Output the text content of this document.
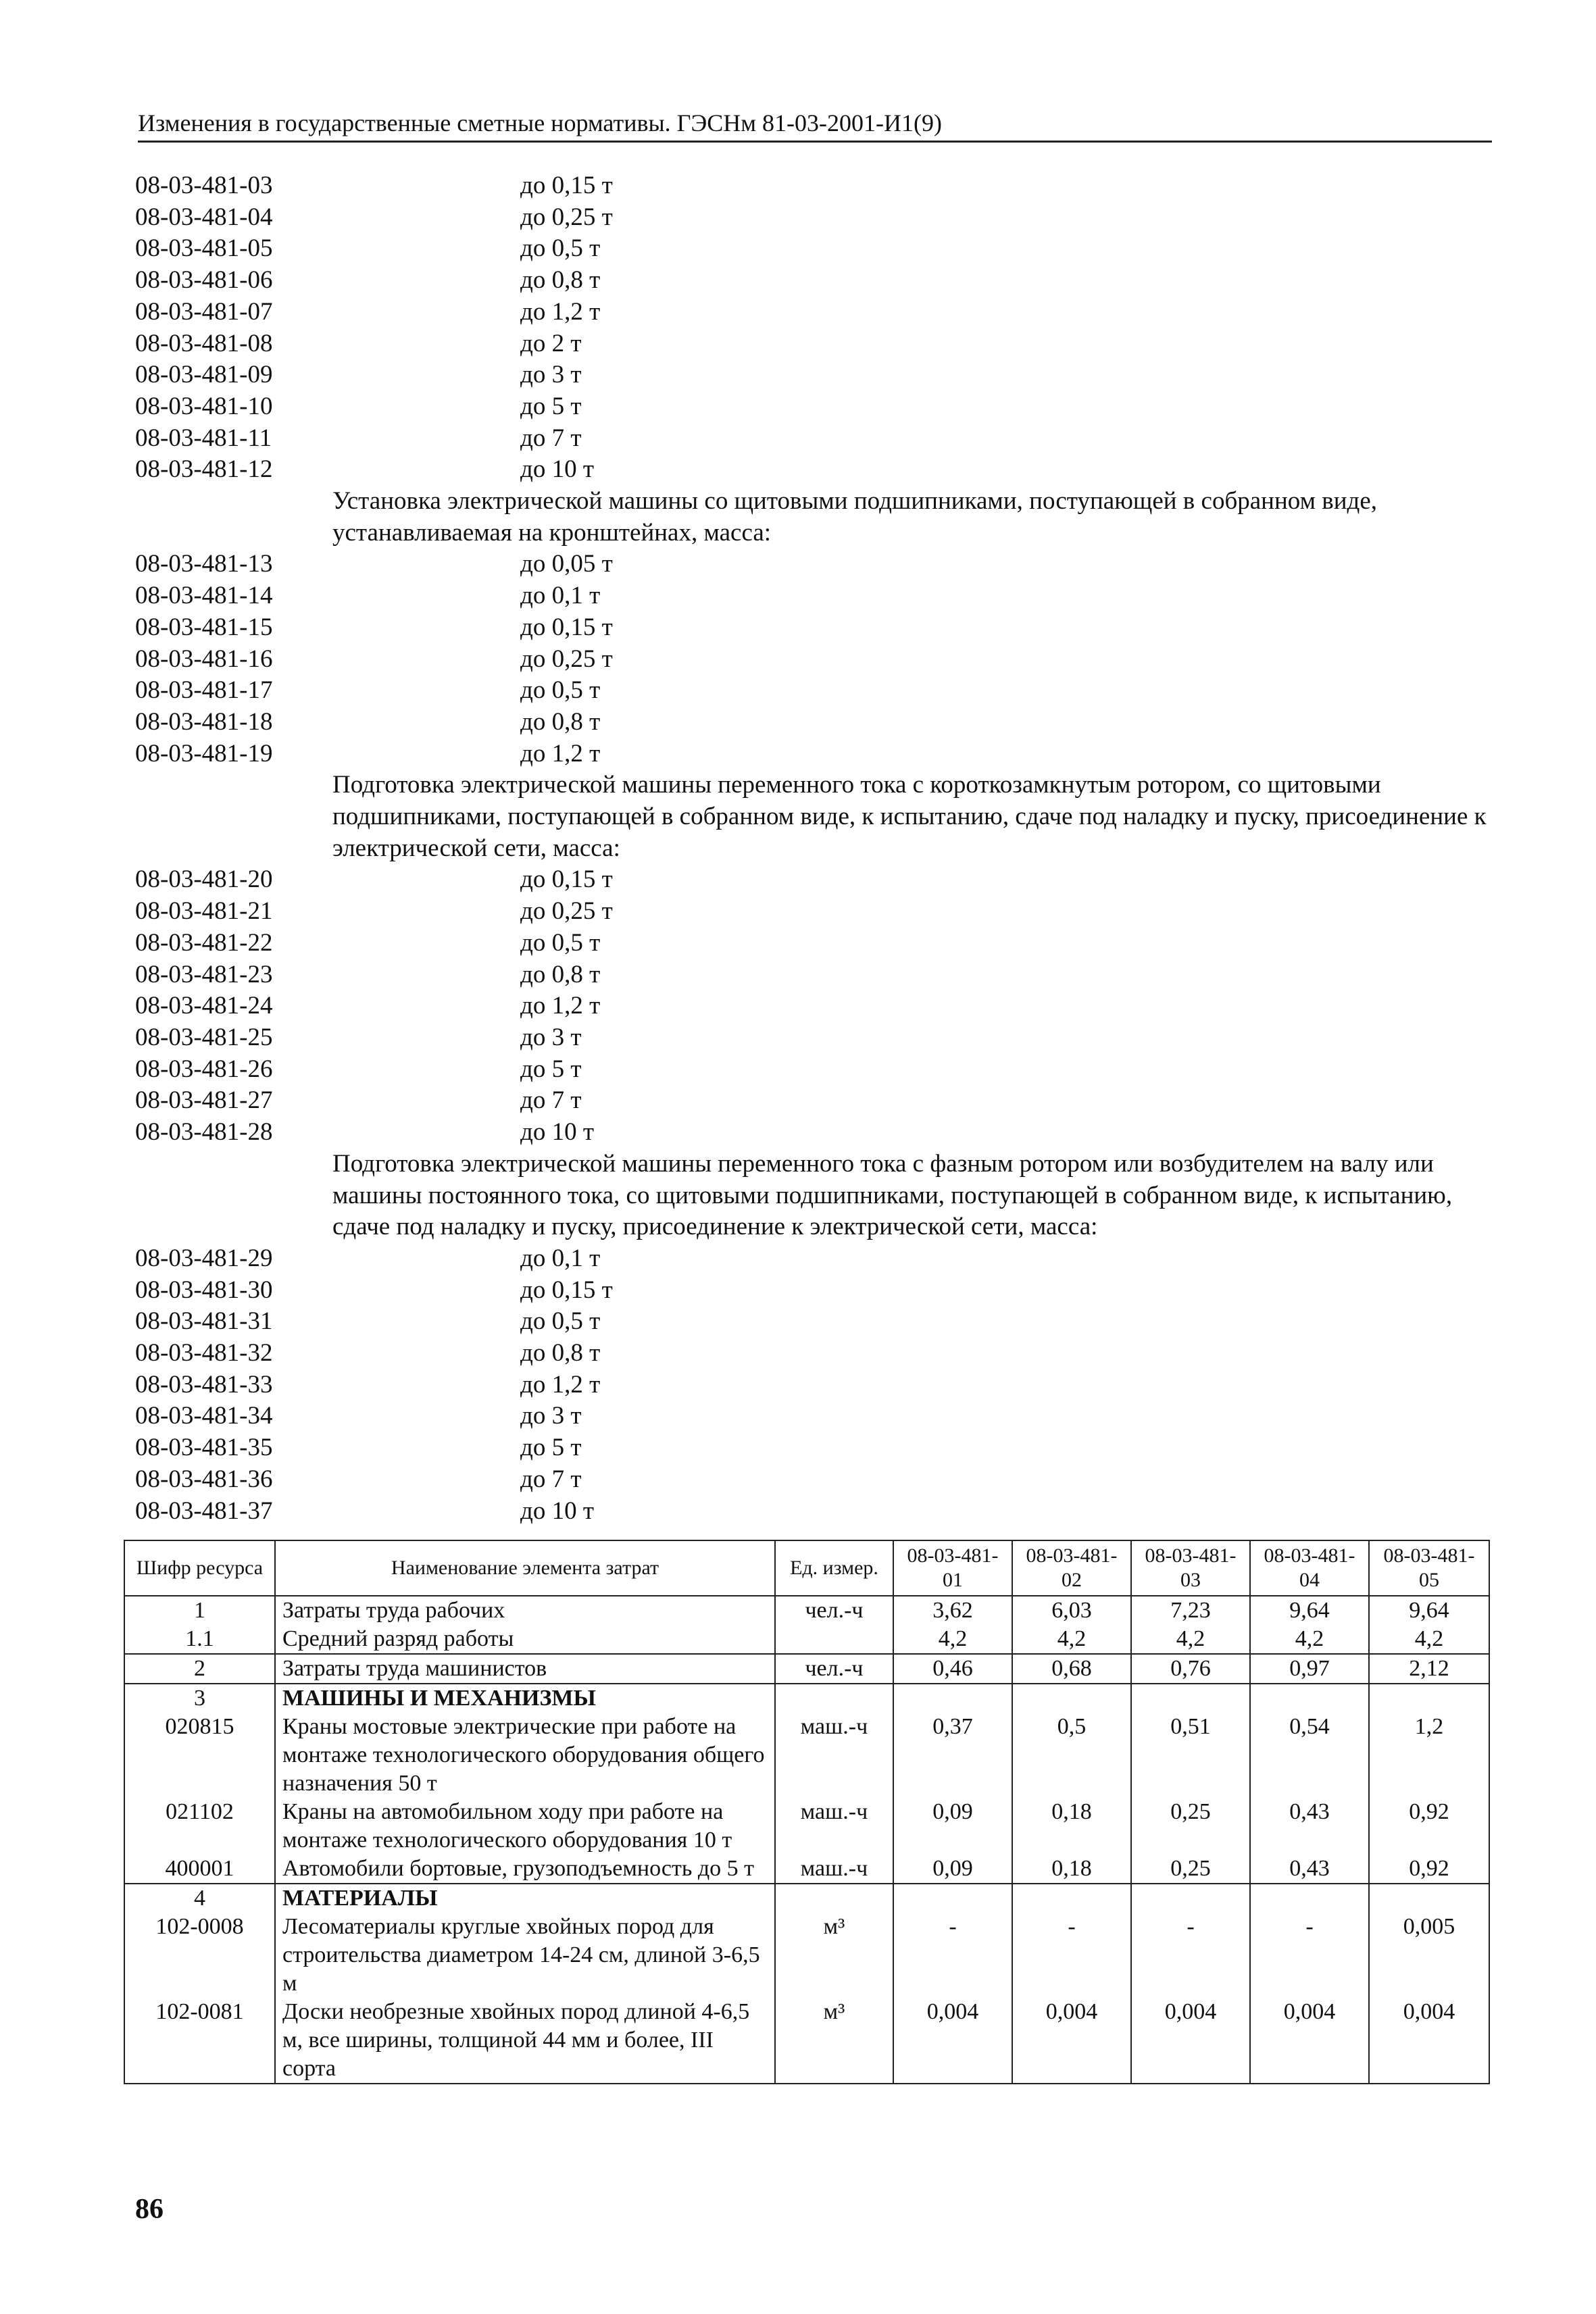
Изменения в государственные сметные нормативы. ГЭСНм 81-03-2001-И1(9)
08-03-481-03	до 0,15 т
08-03-481-04	до 0,25 т
08-03-481-05	до 0,5 т
08-03-481-06	до 0,8 т
08-03-481-07	до 1,2 т
08-03-481-08	до 2 т
08-03-481-09	до 3 т
08-03-481-10	до 5 т
08-03-481-11	до 7 т
08-03-481-12	до 10 т
Установка электрической машины со щитовыми подшипниками, поступающей в собранном виде, устанавливаемая на кронштейнах, масса:
08-03-481-13	до 0,05 т
08-03-481-14	до 0,1 т
08-03-481-15	до 0,15 т
08-03-481-16	до 0,25 т
08-03-481-17	до 0,5 т
08-03-481-18	до 0,8 т
08-03-481-19	до 1,2 т
Подготовка электрической машины переменного тока с короткозамкнутым ротором, со щитовыми подшипниками, поступающей в собранном виде, к испытанию, сдаче под наладку и пуску, присоединение к электрической сети, масса:
08-03-481-20	до 0,15 т
08-03-481-21	до 0,25 т
08-03-481-22	до 0,5 т
08-03-481-23	до 0,8 т
08-03-481-24	до 1,2 т
08-03-481-25	до 3 т
08-03-481-26	до 5 т
08-03-481-27	до 7 т
08-03-481-28	до 10 т
Подготовка электрической машины переменного тока с фазным ротором или возбудителем на валу или машины постоянного тока, со щитовыми подшипниками, поступающей в собранном виде, к испытанию, сдаче под наладку и пуску, присоединение к электрической сети, масса:
08-03-481-29	до 0,1 т
08-03-481-30	до 0,15 т
08-03-481-31	до 0,5 т
08-03-481-32	до 0,8 т
08-03-481-33	до 1,2 т
08-03-481-34	до 3 т
08-03-481-35	до 5 т
08-03-481-36	до 7 т
08-03-481-37	до 10 т
Шифр ресурса	Наименование элемента затрат	Ед. измер.	08-03-481-01	08-03-481-02	08-03-481-03	08-03-481-04	08-03-481-05
1	Затраты труда рабочих	чел.-ч	3,62	6,03	7,23	9,64	9,64
1.1	Средний разряд работы		4,2	4,2	4,2	4,2	4,2
2	Затраты труда машинистов	чел.-ч	0,46	0,68	0,76	0,97	2,12
3	МАШИНЫ И МЕХАНИЗМЫ						
020815	Краны мостовые электрические при работе на монтаже технологического оборудования общего назначения 50 т	маш.-ч	0,37	0,5	0,51	0,54	1,2
021102	Краны на автомобильном ходу при работе на монтаже технологического оборудования 10 т	маш.-ч	0,09	0,18	0,25	0,43	0,92
400001	Автомобили бортовые, грузоподъемность до 5 т	маш.-ч	0,09	0,18	0,25	0,43	0,92
4	МАТЕРИАЛЫ						
102-0008	Лесоматериалы круглые хвойных пород для строительства диаметром 14-24 см, длиной 3-6,5 м	м³	-	-	-	-	0,005
102-0081	Доски необрезные хвойных пород длиной 4-6,5 м, все ширины, толщиной 44 мм и более, III сорта	м³	0,004	0,004	0,004	0,004	0,004
86
